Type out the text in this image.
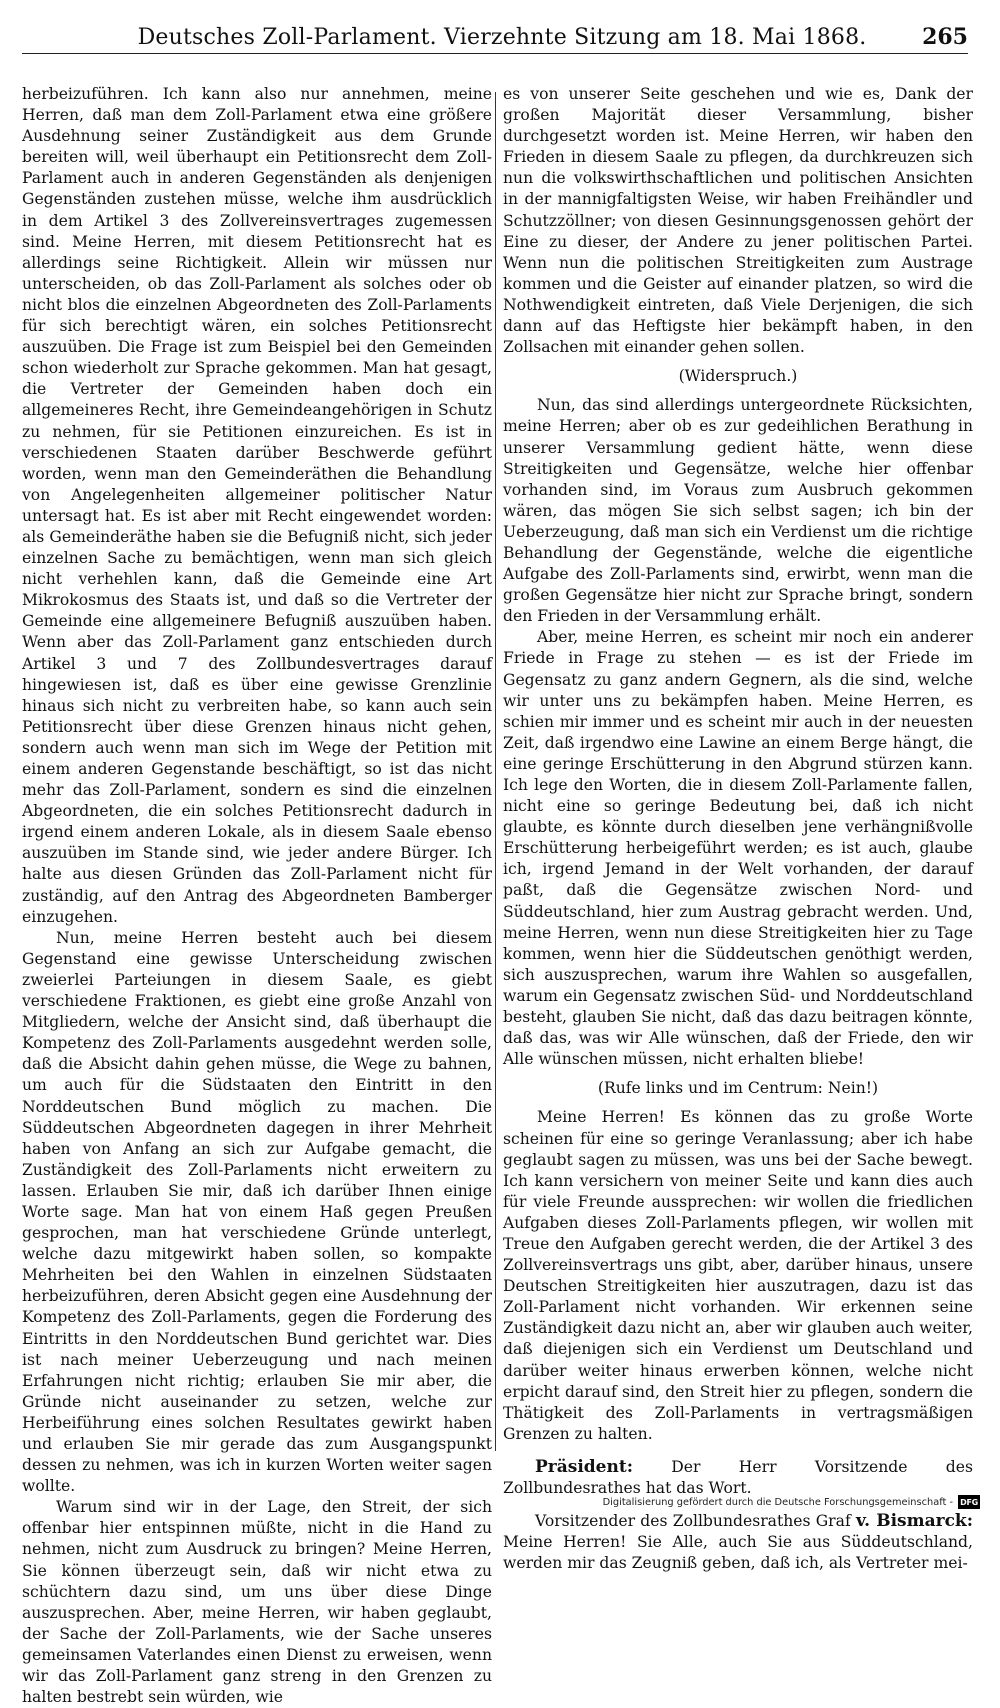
Deutsches Zoll-Parlament. Vierzehnte Sitzung am 18. Mai 1868.	265

herbeizuführen. Ich kann also nur annehmen, meine Herren, daß man dem Zoll-Parlament etwa eine größere Ausdehnung seiner Zuständigkeit aus dem Grunde bereiten will, weil überhaupt ein Petitionsrecht dem Zoll-Parlament auch in anderen Gegenständen als denjenigen Gegenständen zustehen müsse, welche ihm ausdrücklich in dem Artikel 3 des Zollvereinsvertrages zugemessen sind. Meine Herren, mit diesem Petitionsrecht hat es allerdings seine Richtigkeit. Allein wir müssen nur unterscheiden, ob das Zoll-Parlament als solches oder ob nicht blos die einzelnen Abgeordneten des Zoll-Parlaments für sich berechtigt wären, ein solches Petitionsrecht auszuüben. Die Frage ist zum Beispiel bei den Gemeinden schon wiederholt zur Sprache gekommen. Man hat gesagt, die Vertreter der Gemeinden haben doch ein allgemeineres Recht, ihre Gemeindeangehörigen in Schutz zu nehmen, für sie Petitionen einzureichen. Es ist in verschiedenen Staaten darüber Beschwerde geführt worden, wenn man den Gemeinderäthen die Behandlung von Angelegenheiten allgemeiner politischer Natur untersagt hat. Es ist aber mit Recht eingewendet worden: als Gemeinderäthe haben sie die Befugniß nicht, sich jeder einzelnen Sache zu bemächtigen, wenn man sich gleich nicht verhehlen kann, daß die Gemeinde eine Art Mikrokosmus des Staats ist, und daß so die Vertreter der Gemeinde eine allgemeinere Befugniß auszuüben haben. Wenn aber das Zoll-Parlament ganz entschieden durch Artikel 3 und 7 des Zollbundesvertrages darauf hingewiesen ist, daß es über eine gewisse Grenzlinie hinaus sich nicht zu verbreiten habe, so kann auch sein Petitionsrecht über diese Grenzen hinaus nicht gehen, sondern auch wenn man sich im Wege der Petition mit einem anderen Gegenstande beschäftigt, so ist das nicht mehr das Zoll-Parlament, sondern es sind die einzelnen Abgeordneten, die ein solches Petitionsrecht dadurch in irgend einem anderen Lokale, als in diesem Saale ebenso auszuüben im Stande sind, wie jeder andere Bürger. Ich halte aus diesen Gründen das Zoll-Parlament nicht für zuständig, auf den Antrag des Abgeordneten Bamberger einzugehen.

Nun, meine Herren besteht auch bei diesem Gegenstand eine gewisse Unterscheidung zwischen zweierlei Parteiungen in diesem Saale, es giebt verschiedene Fraktionen, es giebt eine große Anzahl von Mitgliedern, welche der Ansicht sind, daß überhaupt die Kompetenz des Zoll-Parlaments ausgedehnt werden solle, daß die Absicht dahin gehen müsse, die Wege zu bahnen, um auch für die Südstaaten den Eintritt in den Norddeutschen Bund möglich zu machen. Die Süddeutschen Abgeordneten dagegen in ihrer Mehrheit haben von Anfang an sich zur Aufgabe gemacht, die Zuständigkeit des Zoll-Parlaments nicht erweitern zu lassen. Erlauben Sie mir, daß ich darüber Ihnen einige Worte sage. Man hat von einem Haß gegen Preußen gesprochen, man hat verschiedene Gründe unterlegt, welche dazu mitgewirkt haben sollen, so kompakte Mehrheiten bei den Wahlen in einzelnen Südstaaten herbeizuführen, deren Absicht gegen eine Ausdehnung der Kompetenz des Zoll-Parlaments, gegen die Forderung des Eintritts in den Norddeutschen Bund gerichtet war. Dies ist nach meiner Ueberzeugung und nach meinen Erfahrungen nicht richtig; erlauben Sie mir aber, die Gründe nicht auseinander zu setzen, welche zur Herbeiführung eines solchen Resultates gewirkt haben und erlauben Sie mir gerade das zum Ausgangspunkt dessen zu nehmen, was ich in kurzen Worten weiter sagen wollte.

Warum sind wir in der Lage, den Streit, der sich offenbar hier entspinnen müßte, nicht in die Hand zu nehmen, nicht zum Ausdruck zu bringen? Meine Herren, Sie können überzeugt sein, daß wir nicht etwa zu schüchtern dazu sind, um uns über diese Dinge auszusprechen. Aber, meine Herren, wir haben geglaubt, der Sache der Zoll-Parlaments, wie der Sache unseres gemeinsamen Vaterlandes einen Dienst zu erweisen, wenn wir das Zoll-Parlament ganz streng in den Grenzen zu halten bestrebt sein würden, wie

es von unserer Seite geschehen und wie es, Dank der großen Majorität dieser Versammlung, bisher durchgesetzt worden ist. Meine Herren, wir haben den Frieden in diesem Saale zu pflegen, da durchkreuzen sich nun die volkswirthschaftlichen und politischen Ansichten in der mannigfaltigsten Weise, wir haben Freihändler und Schutzzöllner; von diesen Gesinnungsgenossen gehört der Eine zu dieser, der Andere zu jener politischen Partei. Wenn nun die politischen Streitigkeiten zum Austrage kommen und die Geister auf einander platzen, so wird die Nothwendigkeit eintreten, daß Viele Derjenigen, die sich dann auf das Heftigste hier bekämpft haben, in den Zollsachen mit einander gehen sollen.

(Widerspruch.)

Nun, das sind allerdings untergeordnete Rücksichten, meine Herren; aber ob es zur gedeihlichen Berathung in unserer Versammlung gedient hätte, wenn diese Streitigkeiten und Gegensätze, welche hier offenbar vorhanden sind, im Voraus zum Ausbruch gekommen wären, das mögen Sie sich selbst sagen; ich bin der Ueberzeugung, daß man sich ein Verdienst um die richtige Behandlung der Gegenstände, welche die eigentliche Aufgabe des Zoll-Parlaments sind, erwirbt, wenn man die großen Gegensätze hier nicht zur Sprache bringt, sondern den Frieden in der Versammlung erhält.

Aber, meine Herren, es scheint mir noch ein anderer Friede in Frage zu stehen — es ist der Friede im Gegensatz zu ganz andern Gegnern, als die sind, welche wir unter uns zu bekämpfen haben. Meine Herren, es schien mir immer und es scheint mir auch in der neuesten Zeit, daß irgendwo eine Lawine an einem Berge hängt, die eine geringe Erschütterung in den Abgrund stürzen kann. Ich lege den Worten, die in diesem Zoll-Parlamente fallen, nicht eine so geringe Bedeutung bei, daß ich nicht glaubte, es könnte durch dieselben jene verhängnißvolle Erschütterung herbeigeführt werden; es ist auch, glaube ich, irgend Jemand in der Welt vorhanden, der darauf paßt, daß die Gegensätze zwischen Nord- und Süddeutschland, hier zum Austrag gebracht werden. Und, meine Herren, wenn nun diese Streitigkeiten hier zu Tage kommen, wenn hier die Süddeutschen genöthigt werden, sich auszusprechen, warum ihre Wahlen so ausgefallen, warum ein Gegensatz zwischen Süd- und Norddeutschland besteht, glauben Sie nicht, daß das dazu beitragen könnte, daß das, was wir Alle wünschen, daß der Friede, den wir Alle wünschen müssen, nicht erhalten bliebe!

(Rufe links und im Centrum: Nein!)

Meine Herren! Es können das zu große Worte scheinen für eine so geringe Veranlassung; aber ich habe geglaubt sagen zu müssen, was uns bei der Sache bewegt. Ich kann versichern von meiner Seite und kann dies auch für viele Freunde aussprechen: wir wollen die friedlichen Aufgaben dieses Zoll-Parlaments pflegen, wir wollen mit Treue den Aufgaben gerecht werden, die der Artikel 3 des Zollvereinsvertrags uns gibt, aber, darüber hinaus, unsere Deutschen Streitigkeiten hier auszutragen, dazu ist das Zoll-Parlament nicht vorhanden. Wir erkennen seine Zuständigkeit dazu nicht an, aber wir glauben auch weiter, daß diejenigen sich ein Verdienst um Deutschland und darüber weiter hinaus erwerben können, welche nicht erpicht darauf sind, den Streit hier zu pflegen, sondern die Thätigkeit des Zoll-Parlaments in vertragsmäßigen Grenzen zu halten.

Präsident: Der Herr Vorsitzende des Zollbundesrathes hat das Wort.

Vorsitzender des Zollbundesrathes Graf v. Bismarck: Meine Herren! Sie Alle, auch Sie aus Süddeutschland, werden mir das Zeugniß geben, daß ich, als Vertreter mei-

Digitalisierung gefördert durch die Deutsche Forschungsgemeinschaft - DFG
